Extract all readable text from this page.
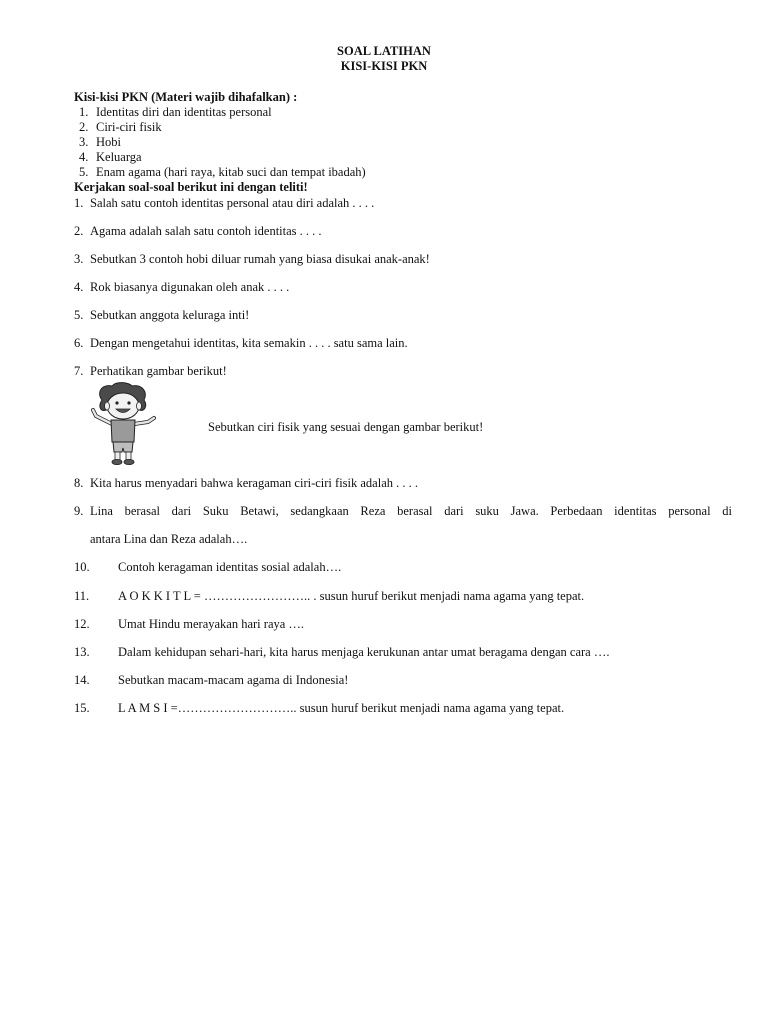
SOAL LATIHAN
KISI-KISI PKN
Kisi-kisi PKN (Materi wajib dihafalkan) :
1. Identitas diri dan identitas personal
2. Ciri-ciri fisik
3. Hobi
4. Keluarga
5. Enam agama (hari raya, kitab suci dan tempat ibadah)
Kerjakan soal-soal berikut ini dengan teliti!
1. Salah satu contoh identitas personal atau diri adalah . . . .
2. Agama adalah salah satu contoh identitas . . . .
3. Sebutkan 3 contoh hobi diluar rumah yang biasa disukai anak-anak!
4. Rok biasanya digunakan oleh anak . . . .
5. Sebutkan anggota keluraga inti!
6. Dengan mengetahui identitas, kita semakin . . . . satu sama lain.
7. Perhatikan gambar berikut!
Sebutkan ciri fisik yang sesuai dengan gambar berikut!
8. Kita harus menyadari bahwa keragaman ciri-ciri fisik adalah . . . .
9. Lina berasal dari Suku Betawi, sedangkaan Reza berasal dari suku Jawa. Perbedaan identitas personal di
antara Lina dan Reza adalah….
10. Contoh keragaman identitas sosial adalah….
11. A O K K I T L = …………………….. . susun huruf berikut menjadi nama agama yang tepat.
12. Umat Hindu merayakan hari raya ….
13. Dalam kehidupan sehari-hari, kita harus menjaga kerukunan antar umat beragama dengan cara ….
14. Sebutkan macam-macam agama di Indonesia!
15. L A M S I =……………………….. susun huruf berikut menjadi nama agama yang tepat.
